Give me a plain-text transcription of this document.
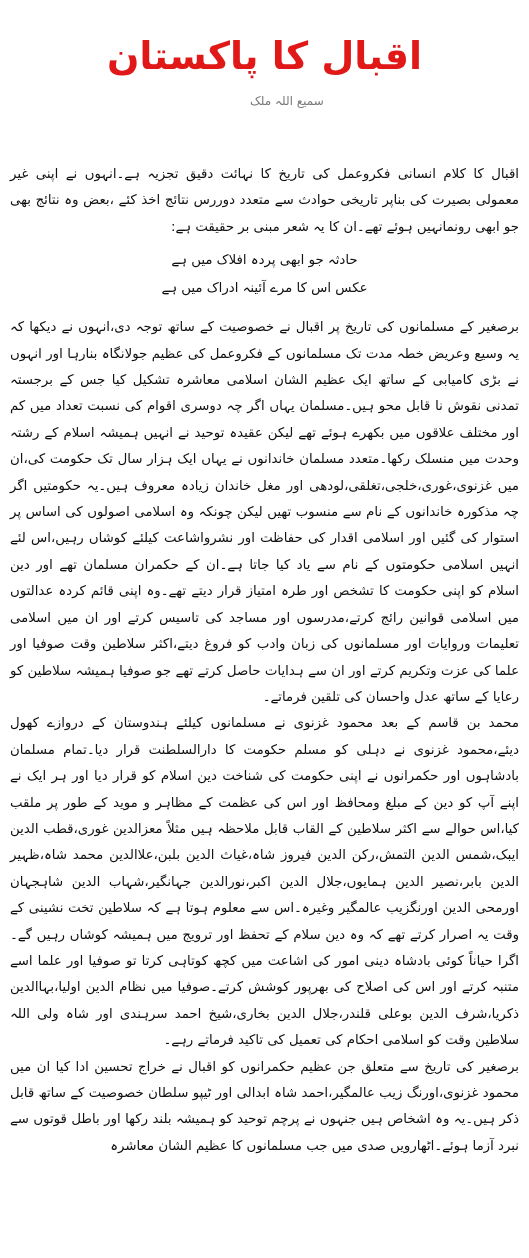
اقبال کا پاکستان
سمیع اللہ ملک

اقبال کا کلام انسانی فکروعمل کی تاریخ کا نہائت دقیق تجزیہ ہے۔انہوں نے اپنی غیر معمولی بصیرت کی بناپر تاریخی حوادث سے متعدد دوررس نتائج اخذ کئے ،بعض وہ نتائج بھی جو ابھی رونمانہیں ہوئے تھے۔ان کا یہ شعر مبنی بر حقیقت ہے:

حادثہ جو ابھی پردہ افلاک میں ہے
عکس اس کا مرے آئینہ ادراک میں ہے

برصغیر کے مسلمانوں کی تاریخ پر اقبال نے خصوصیت کے ساتھ توجہ دی،انہوں نے دیکھا کہ یہ وسیع وعریض خطہ مدت تک مسلمانوں کے فکروعمل کی عظیم جولانگاہ بنارہا اور انہوں نے بڑی کامیابی کے ساتھ ایک عظیم الشان اسلامی معاشرہ تشکیل کیا جس کے برجستہ تمدنی نقوش نا قابل محو ہیں۔مسلمان یہاں اگر چہ دوسری اقوام کی نسبت تعداد میں کم اور مختلف علاقوں میں بکھرے ہوئے تھے لیکن عقیدہ توحید نے انہیں ہمیشہ اسلام کے رشتہ وحدت میں منسلک رکھا۔متعدد مسلمان خاندانوں نے یہاں ایک ہزار سال تک حکومت کی،ان میں غزنوی،غوری،خلجی،تغلقی،لودھی اور مغل خاندان زیادہ معروف ہیں۔یہ حکومتیں اگر چہ مذکورہ خاندانوں کے نام سے منسوب تھیں لیکن چونکہ وہ اسلامی اصولوں کی اساس پر استوار کی گئیں اور اسلامی اقدار کی حفاظت اور نشرواشاعت کیلئے کوشاں رہیں،اس لئے انہیں اسلامی حکومتوں کے نام سے یاد کیا جاتا ہے۔ان کے حکمران مسلمان تھے اور دین اسلام کو اپنی حکومت کا تشخص اور طرہ امتیاز قرار دیتے تھے۔وہ اپنی قائم کردہ عدالتوں میں اسلامی قوانین رائج کرتے،مدرسوں اور مساجد کی تاسیس کرتے اور ان میں اسلامی تعلیمات وروایات اور مسلمانوں کی زبان وادب کو فروغ دیتے،اکثر سلاطین وقت صوفیا اور علما کی عزت وتکریم کرتے اور ان سے ہدایات حاصل کرتے تھے جو صوفیا ہمیشہ سلاطین کو رعایا کے ساتھ عدل واحسان کی تلقین فرماتے۔

محمد بن قاسم کے بعد محمود غزنوی نے مسلمانوں کیلئے ہندوستان کے دروازے کھول دیئے،محمود غزنوی نے دہلی کو مسلم حکومت کا دارالسلطنت قرار دیا۔تمام مسلمان بادشاہوں اور حکمرانوں نے اپنی حکومت کی شناخت دین اسلام کو قرار دیا اور ہر ایک نے اپنے آپ کو دین کے مبلغ ومحافظ اور اس کی عظمت کے مظاہر و موید کے طور پر ملقب کیا،اس حوالے سے اکثر سلاطین کے القاب قابل ملاحظہ ہیں مثلاً معزالدین غوری،قطب الدین ایبک،شمس الدین التمش،رکن الدین فیروز شاہ،غیاث الدین بلبن،علاالدین محمد شاہ،ظہیر الدین بابر،نصیر الدین ہمایوں،جلال الدین اکبر،نورالدین جہانگیر،شہاب الدین شاہجہان اورمحی الدین اورنگزیب عالمگیر وغیرہ۔اس سے معلوم ہوتا ہے کہ سلاطین تخت نشینی کے وقت یہ اصرار کرتے تھے کہ وہ دین سلام کے تحفظ اور ترویج میں ہمیشہ کوشاں رہیں گے۔اگرا حیاناً کوئی بادشاہ دینی امور کی اشاعت میں کچھ کوتاہی کرتا تو صوفیا اور علما اسے متنبہ کرتے اور اس کی اصلاح کی بھرپور کوشش کرتے۔صوفیا میں نظام الدین اولیا،بہاالدین ذکریا،شرف الدین بوعلی قلندر،جلال الدین بخاری،شیخ احمد سرہندی اور شاہ ولی اللہ سلاطین وقت کو اسلامی احکام کی تعمیل کی تاکید فرماتے رہے۔

برصغیر کی تاریخ سے متعلق جن عظیم حکمرانوں کو اقبال نے خراج تحسین ادا کیا ان میں محمود غزنوی،اورنگ زیب عالمگیر،احمد شاہ ابدالی اور ٹیپو سلطان خصوصیت کے ساتھ قابل ذکر ہیں۔یہ وہ اشخاص ہیں جنہوں نے پرچم توحید کو ہمیشہ بلند رکھا اور باطل قوتوں سے نبرد آزما ہوئے۔اٹھارویں صدی میں جب مسلمانوں کا عظیم الشان معاشرہ
